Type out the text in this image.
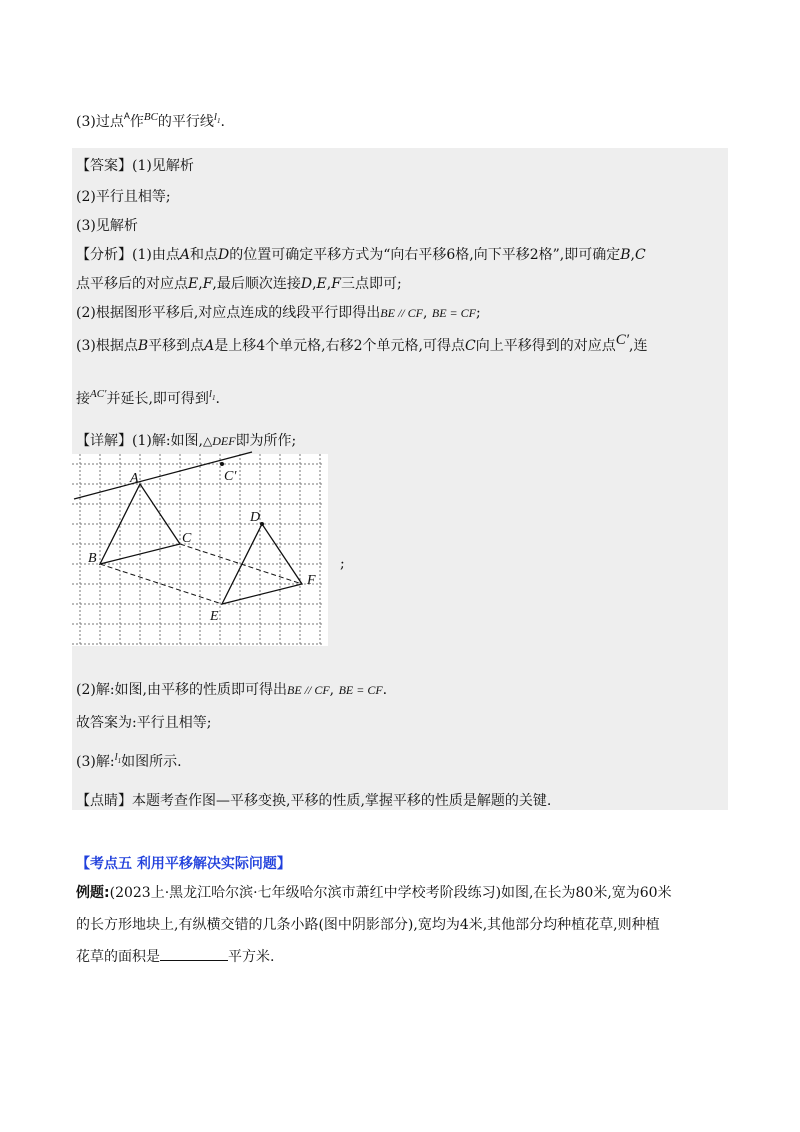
(3)过点$^A$作$^{BC}$的平行线$^{l_1}$.
【答案】(1)见解析
(2)平行且相等;
(3)见解析
【分析】(1)由点A和点D的位置可确定平移方式为“向右平移6格,向下平移2格”,即可确定B,C
点平移后的对应点E,F,最后顺次连接D,E,F三点即可;
(2)根据图形平移后,对应点连成的线段平行即得出BE // CF, BE = CF;
(3)根据点B平移到点A是上移4个单元格,右移2个单元格,可得点C向上平移得到的对应点C′,连
接$^{AC'}$并延长,即可得到$^{l_1}$.
【详解】(1)解:如图,△DEF即为所作;
A
B
C
D
E
F
C′
;
(2)解:如图,由平移的性质即可得出BE // CF, BE = CF.
故答案为:平行且相等;
(3)解:$^{l_1}$如图所示.
【点睛】本题考查作图—平移变换,平移的性质,掌握平移的性质是解题的关键.
【考点五 利用平移解决实际问题】
例题:(2023上·黑龙江哈尔滨·七年级哈尔滨市萧红中学校考阶段练习)如图,在长为80米,宽为60米
的长方形地块上,有纵横交错的几条小路(图中阴影部分),宽均为4米,其他部分均种植花草,则种植
花草的面积是	平方米.
